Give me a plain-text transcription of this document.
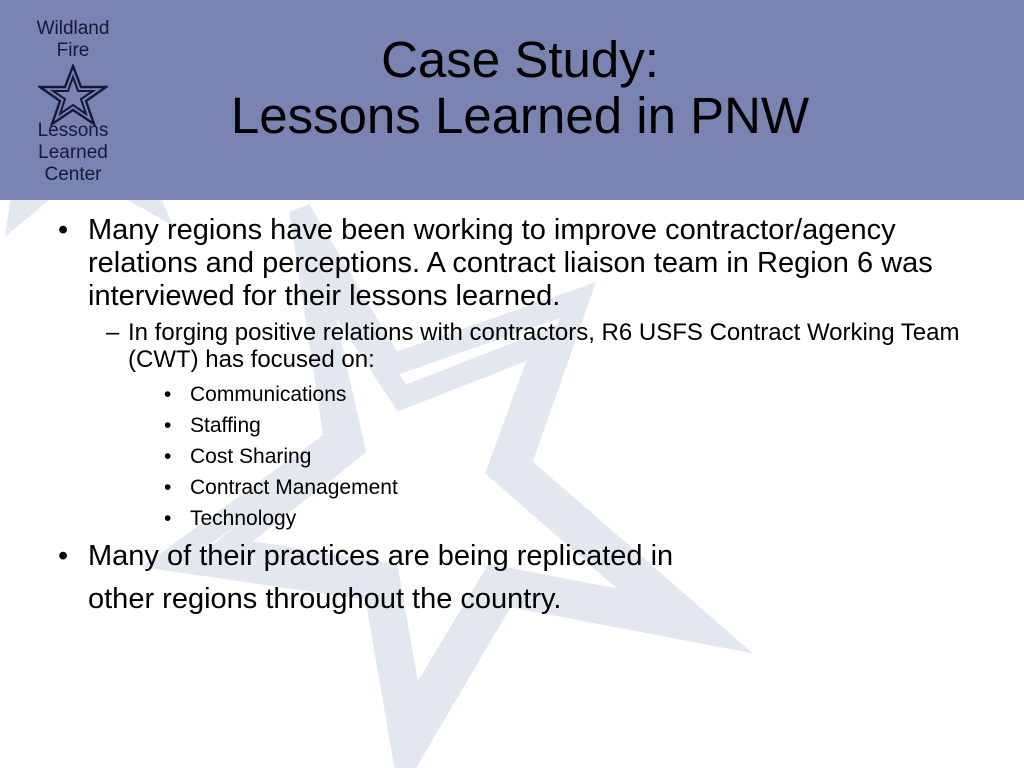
Wildland
Fire
Lessons
Learned
Center
Case Study:
Lessons Learned in PNW
• Many regions have been working to improve contractor/agency relations and perceptions. A contract liaison team in Region 6 was interviewed for their lessons learned.
– In forging positive relations with contractors, R6 USFS Contract Working Team (CWT) has focused on:
• Communications
• Staffing
• Cost Sharing
• Contract Management
• Technology
• Many of their practices are being replicated in
other regions throughout the country.
